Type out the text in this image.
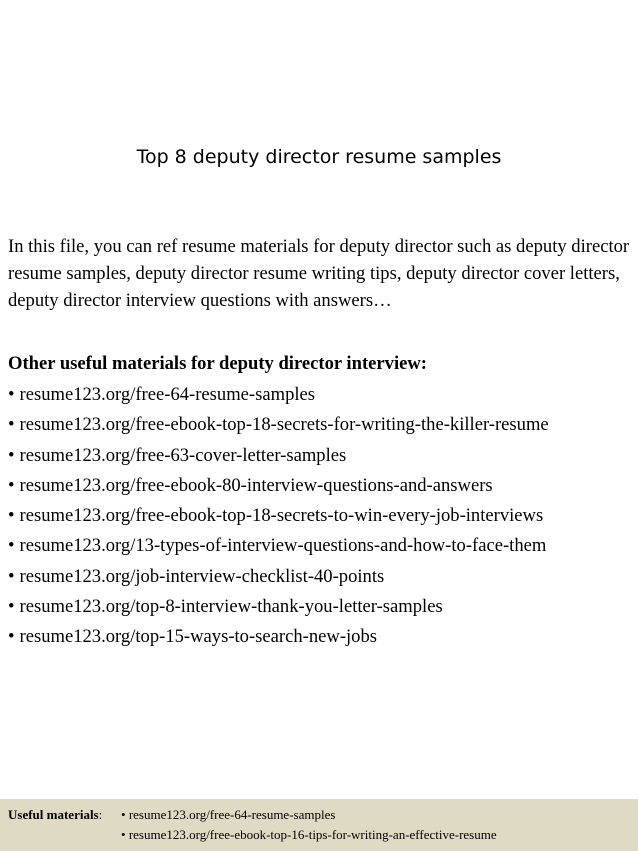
Top 8 deputy director resume samples

In this file, you can ref resume materials for deputy director such as deputy director resume samples, deputy director resume writing tips, deputy director cover letters, deputy director interview questions with answers…

Other useful materials for deputy director interview:

• resume123.org/free-64-resume-samples
• resume123.org/free-ebook-top-18-secrets-for-writing-the-killer-resume
• resume123.org/free-63-cover-letter-samples
• resume123.org/free-ebook-80-interview-questions-and-answers
• resume123.org/free-ebook-top-18-secrets-to-win-every-job-interviews
• resume123.org/13-types-of-interview-questions-and-how-to-face-them
• resume123.org/job-interview-checklist-40-points
• resume123.org/top-8-interview-thank-you-letter-samples
• resume123.org/top-15-ways-to-search-new-jobs
Useful materials: • resume123.org/free-64-resume-samples
• resume123.org/free-ebook-top-16-tips-for-writing-an-effective-resume
